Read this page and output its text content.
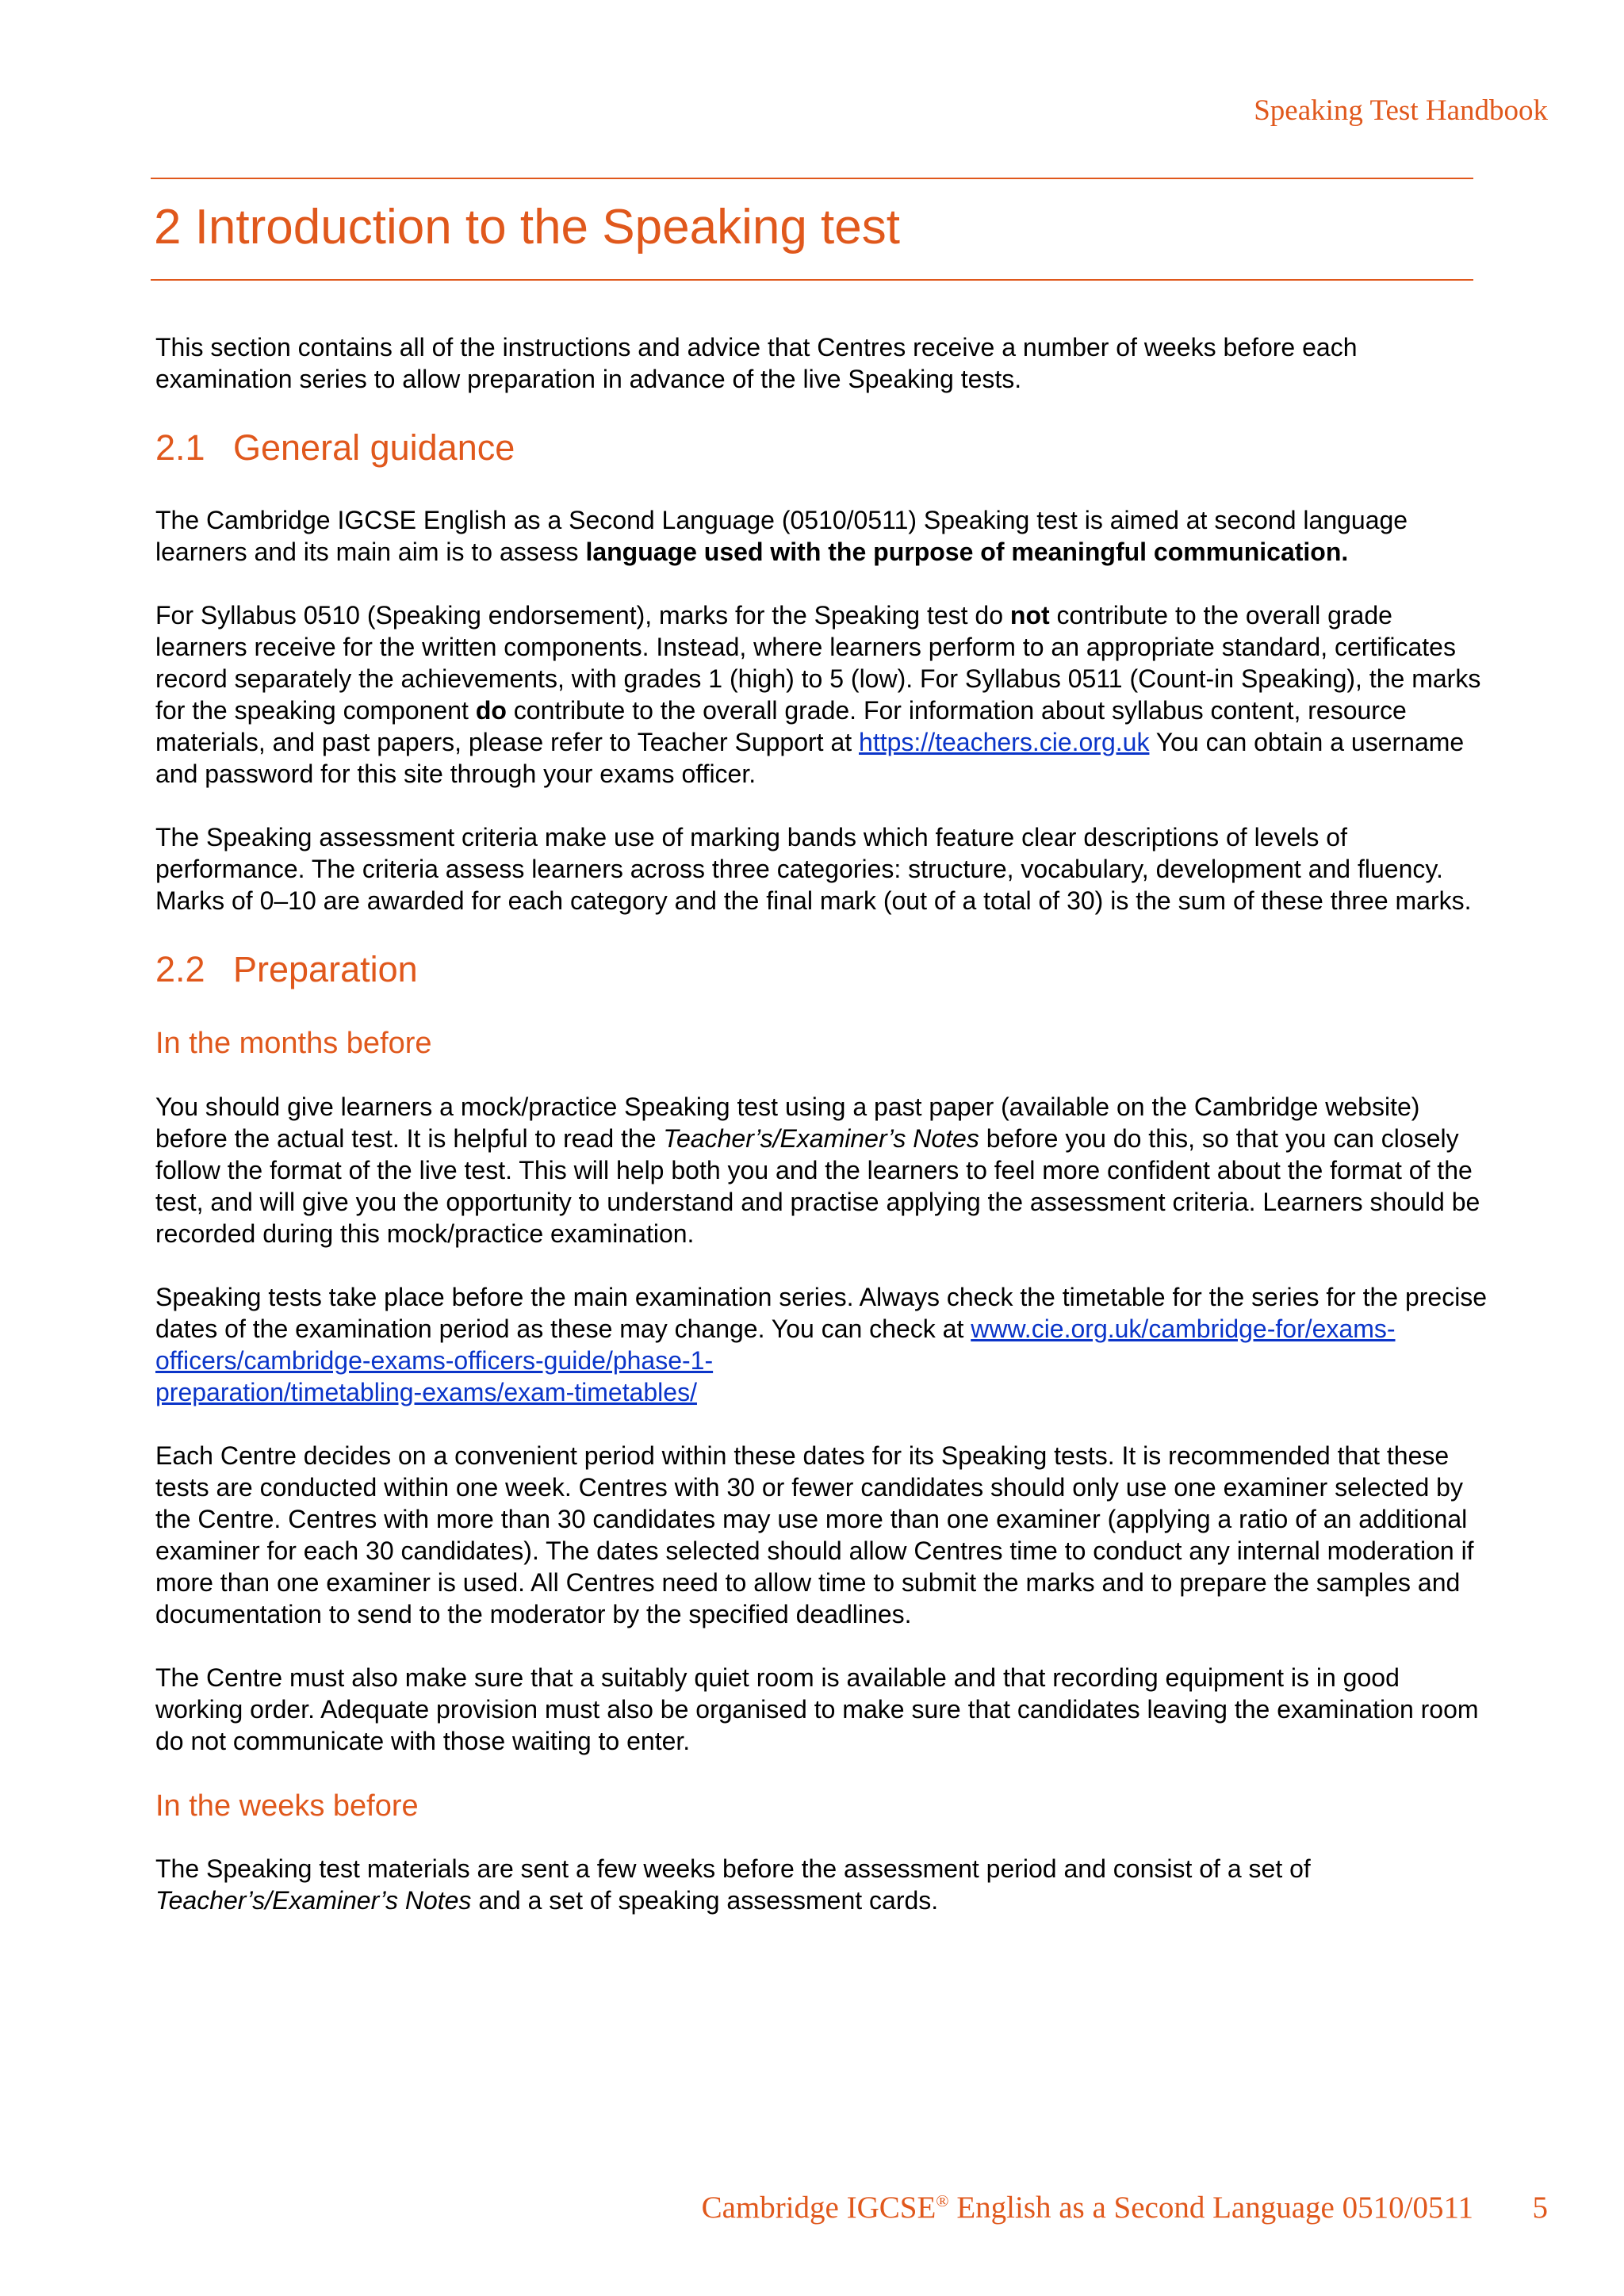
Speaking Test Handbook
2 Introduction to the Speaking test

This section contains all of the instructions and advice that Centres receive a number of weeks before each examination series to allow preparation in advance of the live Speaking tests.

2.1 General guidance

The Cambridge IGCSE English as a Second Language (0510/0511) Speaking test is aimed at second language learners and its main aim is to assess language used with the purpose of meaningful communication.

For Syllabus 0510 (Speaking endorsement), marks for the Speaking test do not contribute to the overall grade learners receive for the written components. Instead, where learners perform to an appropriate standard, certificates record separately the achievements, with grades 1 (high) to 5 (low). For Syllabus 0511 (Count-in Speaking), the marks for the speaking component do contribute to the overall grade. For information about syllabus content, resource materials, and past papers, please refer to Teacher Support at https://teachers.cie.org.uk You can obtain a username and password for this site through your exams officer.

The Speaking assessment criteria make use of marking bands which feature clear descriptions of levels of performance. The criteria assess learners across three categories: structure, vocabulary, development and fluency. Marks of 0–10 are awarded for each category and the final mark (out of a total of 30) is the sum of these three marks.

2.2 Preparation
In the months before

You should give learners a mock/practice Speaking test using a past paper (available on the Cambridge website) before the actual test. It is helpful to read the Teacher’s/Examiner’s Notes before you do this, so that you can closely follow the format of the live test. This will help both you and the learners to feel more confident about the format of the test, and will give you the opportunity to understand and practise applying the assessment criteria. Learners should be recorded during this mock/practice examination.

Speaking tests take place before the main examination series. Always check the timetable for the series for the precise dates of the examination period as these may change. You can check at www.cie.org.uk/cambridge-for/exams-officers/cambridge-exams-officers-guide/phase-1-
preparation/timetabling-exams/exam-timetables/

Each Centre decides on a convenient period within these dates for its Speaking tests. It is recommended that these tests are conducted within one week. Centres with 30 or fewer candidates should only use one examiner selected by the Centre. Centres with more than 30 candidates may use more than one examiner (applying a ratio of an additional examiner for each 30 candidates). The dates selected should allow Centres time to conduct any internal moderation if more than one examiner is used. All Centres need to allow time to submit the marks and to prepare the samples and documentation to send to the moderator by the specified deadlines.

The Centre must also make sure that a suitably quiet room is available and that recording equipment is in good working order. Adequate provision must also be organised to make sure that candidates leaving the examination room do not communicate with those waiting to enter.

In the weeks before

The Speaking test materials are sent a few weeks before the assessment period and consist of a set of Teacher’s/Examiner’s Notes and a set of speaking assessment cards.

Cambridge IGCSE® English as a Second Language 0510/0511 5
